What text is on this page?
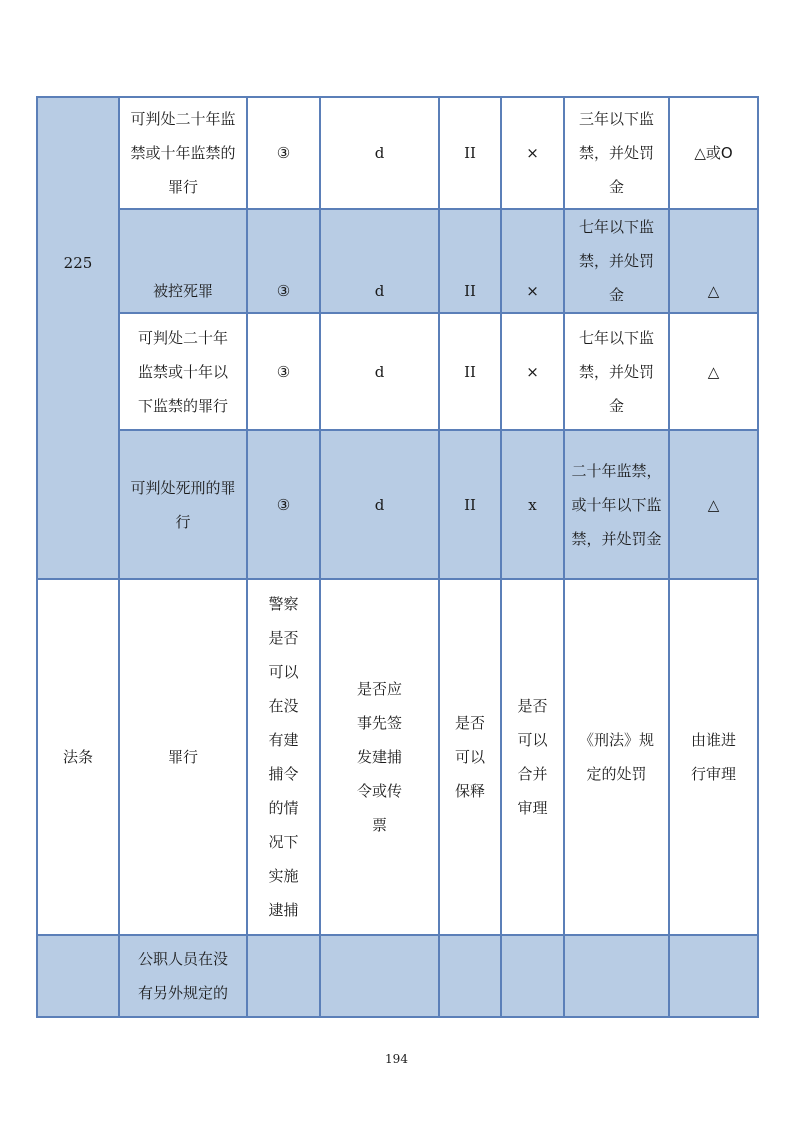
225	可判处二十年监禁或十年监禁的罪行	③	d	II	×	三年以下监禁，并处罚金	△或O
	被控死罪	③	d	II	×	七年以下监禁，并处罚金	△
	可判处二十年监禁或十年以下监禁的罪行	③	d	II	×	七年以下监禁，并处罚金	△
	可判处死刑的罪行	③	d	II	x	二十年监禁，或十年以下监禁，并处罚金	△
法条	罪行	警察是否可以在没有建捕令的情况下实施逮捕	是否应事先签发建捕令或传票	是否可以保释	是否可以合并审理	《刑法》规定的处罚	由谁进行审理
	公职人员在没有另外规定的						
194
